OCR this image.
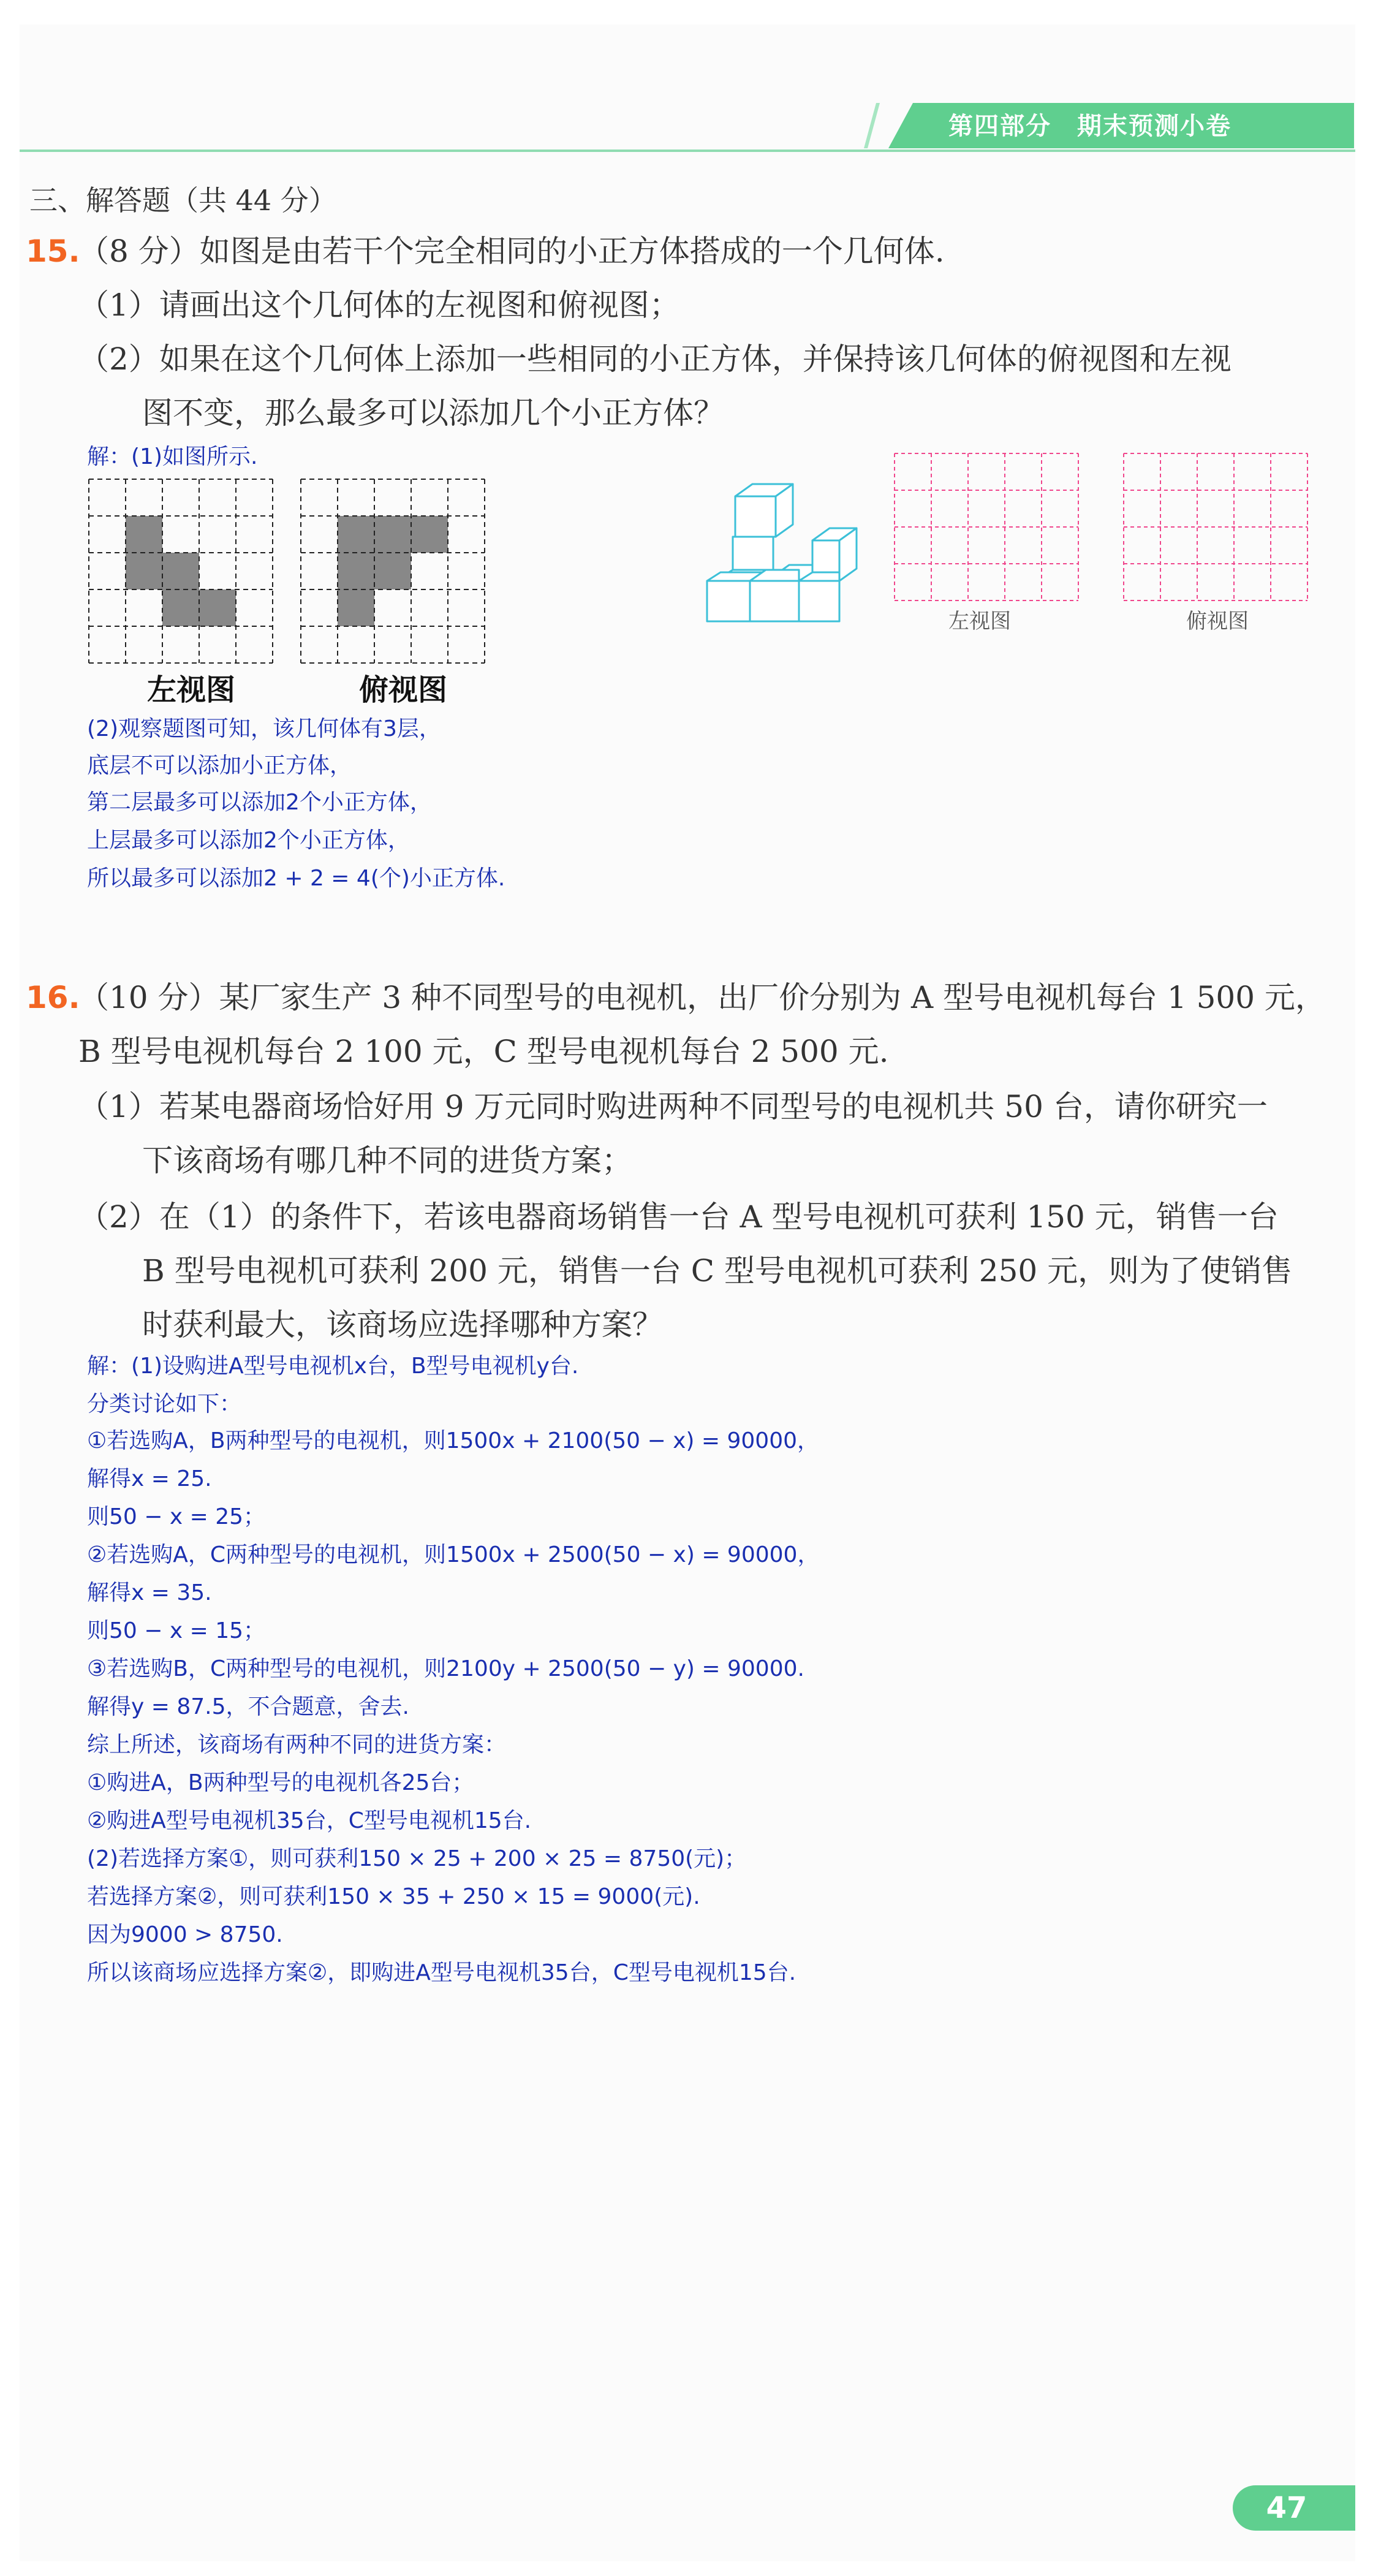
第四部分　期末预测小卷
三、解答题（共 44 分）
15.
（8 分）如图是由若干个完全相同的小正方体搭成的一个几何体.
（1）请画出这个几何体的左视图和俯视图；
（2）如果在这个几何体上添加一些相同的小正方体，并保持该几何体的俯视图和左视
图不变，那么最多可以添加几个小正方体？
解：(1)如图所示.
左视图	俯视图
左视图	俯视图
(2)观察题图可知，该几何体有3层，
底层不可以添加小正方体，
第二层最多可以添加2个小正方体，
上层最多可以添加2个小正方体，
所以最多可以添加2 + 2 = 4(个)小正方体.
16.
（10 分）某厂家生产 3 种不同型号的电视机，出厂价分别为 A 型号电视机每台 1 500 元，
B 型号电视机每台 2 100 元，C 型号电视机每台 2 500 元.
（1）若某电器商场恰好用 9 万元同时购进两种不同型号的电视机共 50 台，请你研究一
下该商场有哪几种不同的进货方案；
（2）在（1）的条件下，若该电器商场销售一台 A 型号电视机可获利 150 元，销售一台
B 型号电视机可获利 200 元，销售一台 C 型号电视机可获利 250 元，则为了使销售
时获利最大，该商场应选择哪种方案？
解：(1)设购进A型号电视机x台，B型号电视机y台.
分类讨论如下：
①若选购A，B两种型号的电视机，则1500x + 2100(50 − x) = 90000，
解得x = 25.
则50 − x = 25；
②若选购A，C两种型号的电视机，则1500x + 2500(50 − x) = 90000，
解得x = 35.
则50 − x = 15；
③若选购B，C两种型号的电视机，则2100y + 2500(50 − y) = 90000.
解得y = 87.5，不合题意，舍去.
综上所述，该商场有两种不同的进货方案：
①购进A，B两种型号的电视机各25台；
②购进A型号电视机35台，C型号电视机15台.
(2)若选择方案①，则可获利150 × 25 + 200 × 25 = 8750(元)；
若选择方案②，则可获利150 × 35 + 250 × 15 = 9000(元).
因为9000 > 8750.
所以该商场应选择方案②，即购进A型号电视机35台，C型号电视机15台.
47
